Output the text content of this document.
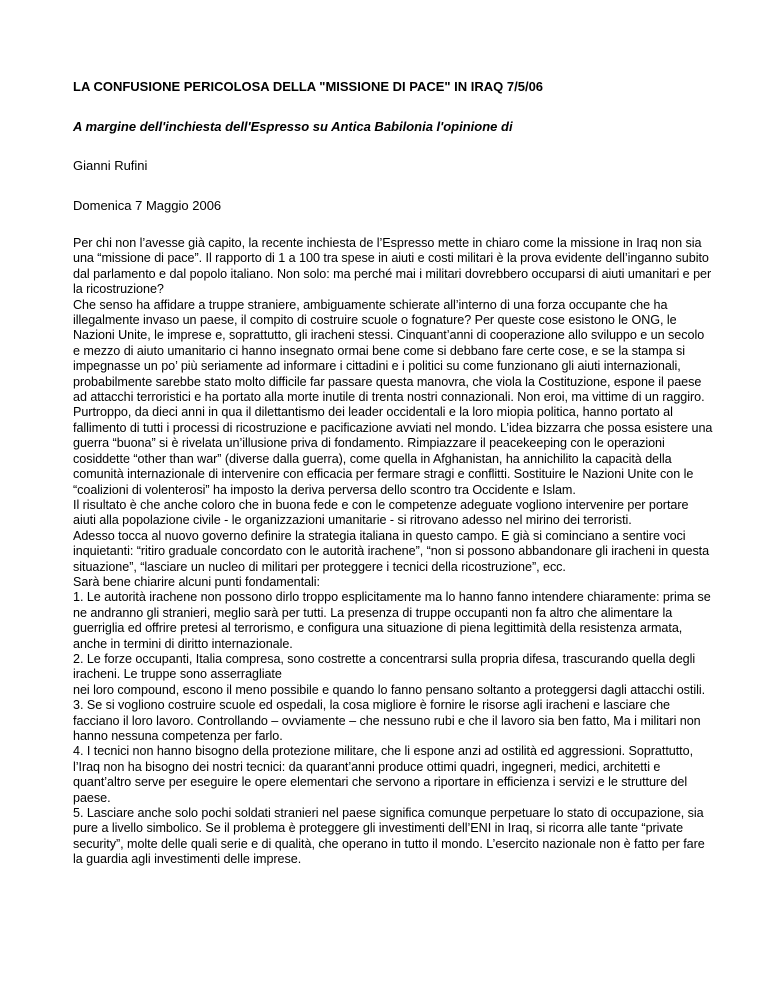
LA CONFUSIONE PERICOLOSA DELLA "MISSIONE DI PACE" IN IRAQ 7/5/06
A margine dell'inchiesta dell'Espresso su Antica Babilonia l'opinione di
Gianni Rufini
Domenica 7 Maggio 2006

Per chi non l’avesse già capito, la recente inchiesta de l’Espresso mette in chiaro come la missione in Iraq non sia una “missione di pace”. Il rapporto di 1 a 100 tra spese in aiuti e costi militari è la prova evidente dell’inganno subito dal parlamento e dal popolo italiano. Non solo: ma perché mai i militari dovrebbero occuparsi di aiuti umanitari e per la ricostruzione?

Che senso ha affidare a truppe straniere, ambiguamente schierate all’interno di una forza occupante che ha illegalmente invaso un paese, il compito di costruire scuole o fognature? Per queste cose esistono le ONG, le Nazioni Unite, le imprese e, soprattutto, gli iracheni stessi. Cinquant’anni di cooperazione allo sviluppo e un secolo e mezzo di aiuto umanitario ci hanno insegnato ormai bene come si debbano fare certe cose, e se la stampa si impegnasse un po’ più seriamente ad informare i cittadini e i politici su come funzionano gli aiuti internazionali, probabilmente sarebbe stato molto difficile far passare questa manovra, che viola la Costituzione, espone il paese ad attacchi terroristici e ha portato alla morte inutile di trenta nostri connazionali. Non eroi, ma vittime di un raggiro.

Purtroppo, da dieci anni in qua il dilettantismo dei leader occidentali e la loro miopia politica, hanno portato al fallimento di tutti i processi di ricostruzione e pacificazione avviati nel mondo. L’idea bizzarra che possa esistere una guerra “buona” si è rivelata un’illusione priva di fondamento. Rimpiazzare il peacekeeping con le operazioni cosiddette “other than war” (diverse dalla guerra), come quella in Afghanistan, ha annichilito la capacità della comunità internazionale di intervenire con efficacia per fermare stragi e conflitti. Sostituire le Nazioni Unite con le “coalizioni di volenterosi” ha imposto la deriva perversa dello scontro tra Occidente e Islam.

Il risultato è che anche coloro che in buona fede e con le competenze adeguate vogliono intervenire per portare aiuti alla popolazione civile - le organizzazioni umanitarie - si ritrovano adesso nel mirino dei terroristi.

Adesso tocca al nuovo governo definire la strategia italiana in questo campo. E già si cominciano a sentire voci inquietanti: “ritiro graduale concordato con le autorità irachene”, “non si possono abbandonare gli iracheni in questa situazione”, “lasciare un nucleo di militari per proteggere i tecnici della ricostruzione”, ecc.

Sarà bene chiarire alcuni punti fondamentali:

1. Le autorità irachene non possono dirlo troppo esplicitamente ma lo hanno fanno intendere chiaramente: prima se ne andranno gli stranieri, meglio sarà per tutti. La presenza di truppe occupanti non fa altro che alimentare la guerriglia ed offrire pretesi al terrorismo, e configura una situazione di piena legittimità della resistenza armata, anche in termini di diritto internazionale.

2. Le forze occupanti, Italia compresa, sono costrette a concentrarsi sulla propria difesa, trascurando quella degli iracheni. Le truppe sono asserragliate

nei loro compound, escono il meno possibile e quando lo fanno pensano soltanto a proteggersi dagli attacchi ostili.

3. Se si vogliono costruire scuole ed ospedali, la cosa migliore è fornire le risorse agli iracheni e lasciare che facciano il loro lavoro. Controllando – ovviamente – che nessuno rubi e che il lavoro sia ben fatto, Ma i militari non hanno nessuna competenza per farlo.

4. I tecnici non hanno bisogno della protezione militare, che li espone anzi ad ostilità ed aggressioni. Soprattutto, l’Iraq non ha bisogno dei nostri tecnici: da quarant’anni produce ottimi quadri, ingegneri, medici, architetti e quant’altro serve per eseguire le opere elementari che servono a riportare in efficienza i servizi e le strutture del paese.

5. Lasciare anche solo pochi soldati stranieri nel paese significa comunque perpetuare lo stato di occupazione, sia pure a livello simbolico. Se il problema è proteggere gli investimenti dell’ENI in Iraq, si ricorra alle tante “private security”, molte delle quali serie e di qualità, che operano in tutto il mondo. L’esercito nazionale non è fatto per fare la guardia agli investimenti delle imprese.
